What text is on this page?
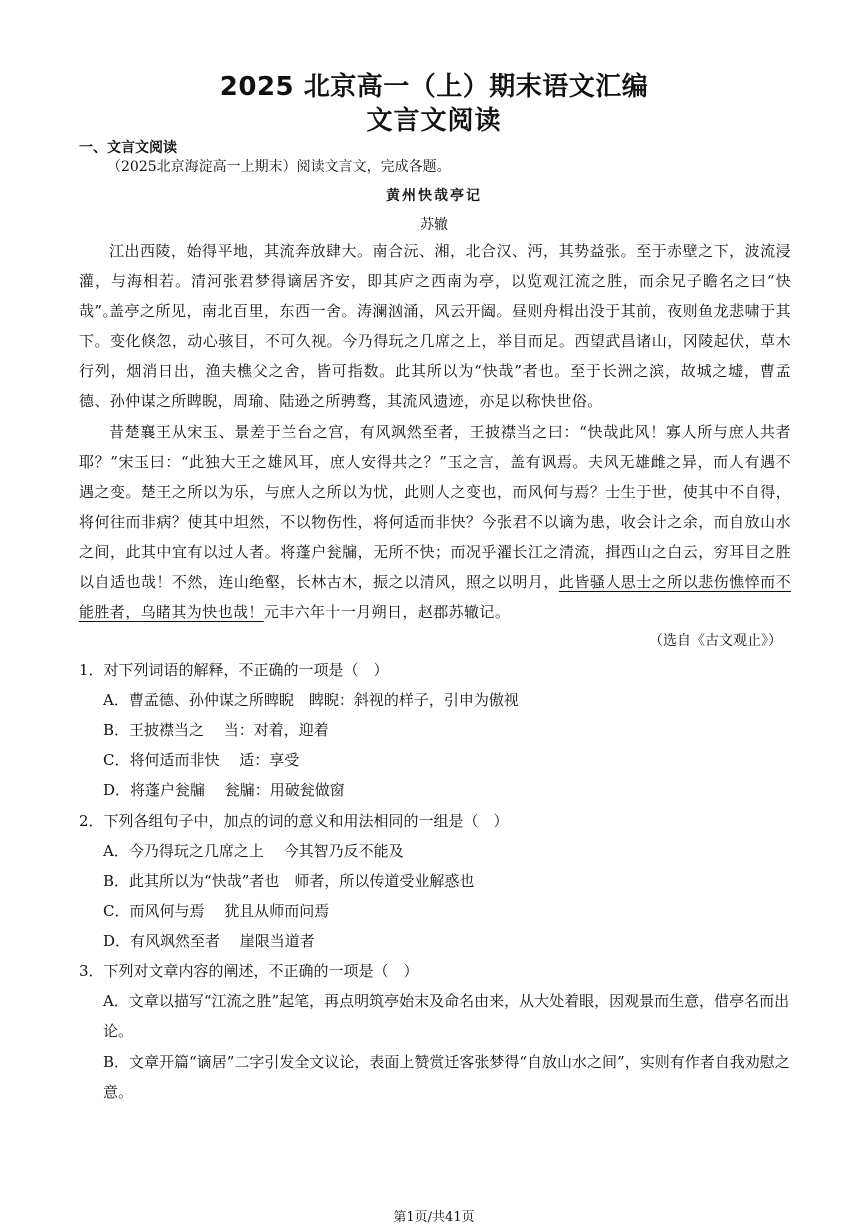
2025 北京高一（上）期末语文汇编
文言文阅读
一、文言文阅读
（2025北京海淀高一上期末）阅读文言文，完成各题。
黄州快哉亭记
苏辙
江出西陵，始得平地，其流奔放肆大。南合沅、湘，北合汉、沔，其势益张。至于赤壁之下，波流浸灌，与海相若。清河张君梦得谪居齐安，即其庐之西南为亭，以览观江流之胜，而余兄子瞻名之曰“快哉”。
盖亭之所见，南北百里，东西一舍。涛澜汹涌，风云开阖。昼则舟楫出没于其前，夜则鱼龙悲啸于其下。变化倏忽，动心骇目，不可久视。今乃得玩之几席之上，举目而足。西望武昌诸山，冈陵起伏，草木行列，烟消日出，渔夫樵父之舍，皆可指数。此其所以为“快哉”者也。至于长洲之滨，故城之墟，曹孟德、孙仲谋之所睥睨，周瑜、陆逊之所骋骛，其流风遗迹，亦足以称快世俗。
昔楚襄王从宋玉、景差于兰台之宫，有风飒然至者，王披襟当之曰：“快哉此风！寡人所与庶人共者耶？”宋玉曰：“此独大王之雄风耳，庶人安得共之？”玉之言，盖有讽焉。夫风无雄雌之异，而人有遇不遇之变。楚王之所以为乐，与庶人之所以为忧，此则人之变也，而风何与焉？士生于世，使其中不自得，将何往而非病？使其中坦然，不以物伤性，将何适而非快？今张君不以谪为患，收会计之余，而自放山水之间，此其中宜有以过人者。将蓬户瓮牖，无所不快；而况乎濯长江之清流，揖西山之白云，穷耳目之胜以自适也哉！不然，连山绝壑，长林古木，振之以清风，照之以明月，此皆骚人思士之所以悲伤憔悴而不能胜者，乌睹其为快也哉！元丰六年十一月朔日，赵郡苏辙记。
（选自《古文观止》）
1．对下列词语的解释，不正确的一项是（　）
A．曹孟德、孙仲谋之所睥睨　睥睨：斜视的样子，引申为傲视
B．王披襟当之　 当：对着，迎着
C．将何适而非快　 适：享受
D．将蓬户瓮牖　 瓮牖：用破瓮做窗
2．下列各组句子中，加点的词的意义和用法相同的一组是（　）
A．今乃得玩之几席之上　 今其智乃反不能及
B．此其所以为“快哉”者也　师者，所以传道受业解惑也
C．而风何与焉　 犹且从师而问焉
D．有风飒然至者　 崖限当道者
3．下列对文章内容的阐述，不正确的一项是（　）
A．文章以描写“江流之胜”起笔，再点明筑亭始末及命名由来，从大处着眼，因观景而生意，借亭名而出论。
B．文章开篇“谪居”二字引发全文议论，表面上赞赏迁客张梦得“自放山水之间”，实则有作者自我劝慰之意。
第1页/共41页
